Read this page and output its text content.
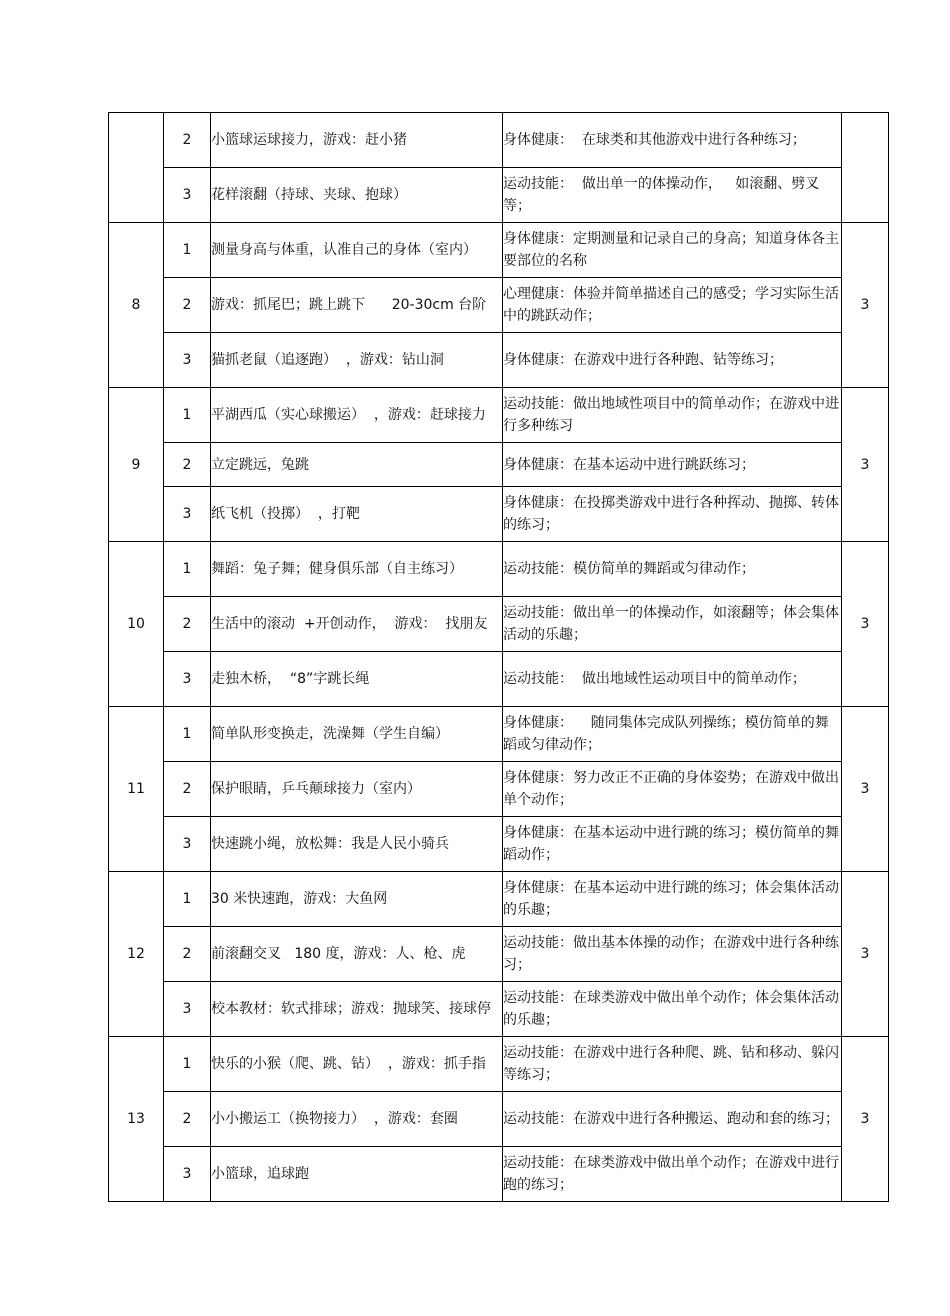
	2	小篮球运球接力，游戏：赶小猪	身体健康：  在球类和其他游戏中进行各种练习；	
	3	花样滚翻（持球、夹球、抱球）	运动技能：  做出单一的体操动作，   如滚翻、劈叉等；	
8	1	测量身高与体重，认准自己的身体（室内）	身体健康：定期测量和记录自己的身高；知道身体各主要部位的名称	3
	2	游戏：抓尾巴；跳上跳下      20-30cm 台阶	心理健康：体验并简单描述自己的感受；学习实际生活中的跳跃动作；	
	3	猫抓老鼠（追逐跑）  ，游戏：钻山洞	身体健康：在游戏中进行各种跑、钻等练习；	
9	1	平湖西瓜（实心球搬运）  ，游戏：赶球接力	运动技能：做出地域性项目中的简单动作；在游戏中进行多种练习	3
	2	立定跳远，兔跳	身体健康：在基本运动中进行跳跃练习；	
	3	纸飞机（投掷）  ，打靶	身体健康：在投掷类游戏中进行各种挥动、抛掷、转体的练习；	
10	1	舞蹈：兔子舞；健身俱乐部（自主练习）	运动技能：模仿简单的舞蹈或匀律动作；	3
	2	生活中的滚动  +开创动作，  游戏：  找朋友	运动技能：做出单一的体操动作，如滚翻等；体会集体活动的乐趣；	
	3	走独木桥，  “8”字跳长绳	运动技能：  做出地域性运动项目中的简单动作；	
11	1	简单队形变换走，洗澡舞（学生自编）	身体健康：    随同集体完成队列操练；模仿简单的舞蹈或匀律动作；	3
	2	保护眼睛，乒乓颠球接力（室内）	身体健康：努力改正不正确的身体姿势；在游戏中做出单个动作；	
	3	快速跳小绳，放松舞：我是人民小骑兵	身体健康：在基本运动中进行跳的练习；模仿简单的舞蹈动作；	
12	1	30 米快速跑，游戏：大鱼网	身体健康：在基本运动中进行跳的练习；体会集体活动的乐趣；	3
	2	前滚翻交叉   180 度，游戏：人、枪、虎	运动技能：做出基本体操的动作；在游戏中进行各种练习；	
	3	校本教材：软式排球；游戏：抛球笑、接球停	运动技能：在球类游戏中做出单个动作；体会集体活动的乐趣；	
13	1	快乐的小猴（爬、跳、钻）  ，游戏：抓手指	运动技能：在游戏中进行各种爬、跳、钻和移动、躲闪等练习；	3
	2	小小搬运工（换物接力）  ，游戏：套圈	运动技能：在游戏中进行各种搬运、跑动和套的练习；	
	3	小篮球，追球跑	运动技能：在球类游戏中做出单个动作；在游戏中进行跑的练习；	
